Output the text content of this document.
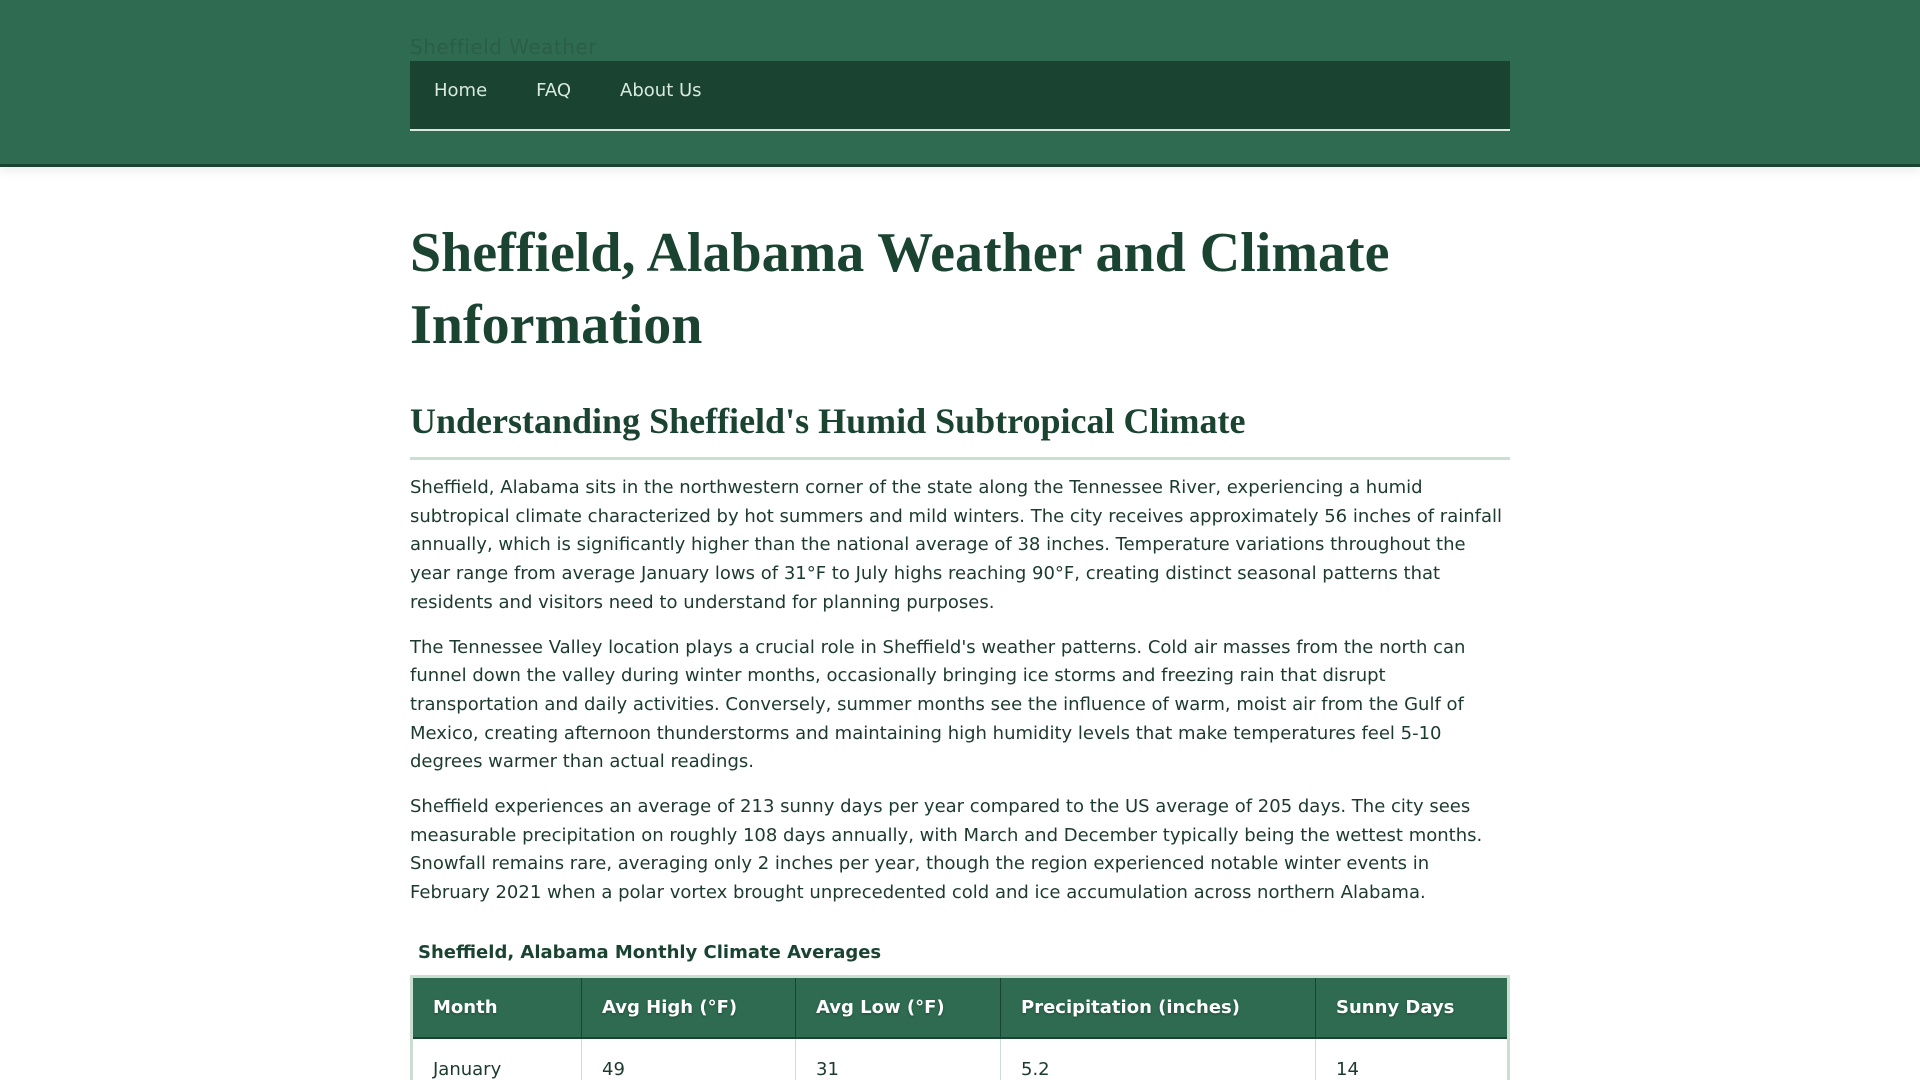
Sheffield Weather
Home	FAQ	About Us
Sheffield, Alabama Weather and Climate Information
Understanding Sheffield's Humid Subtropical Climate

Sheffield, Alabama sits in the northwestern corner of the state along the Tennessee River, experiencing a humid subtropical climate characterized by hot summers and mild winters. The city receives approximately 56 inches of rainfall annually, which is significantly higher than the national average of 38 inches. Temperature variations throughout the year range from average January lows of 31°F to July highs reaching 90°F, creating distinct seasonal patterns that residents and visitors need to understand for planning purposes.

The Tennessee Valley location plays a crucial role in Sheffield's weather patterns. Cold air masses from the north can funnel down the valley during winter months, occasionally bringing ice storms and freezing rain that disrupt transportation and daily activities. Conversely, summer months see the influence of warm, moist air from the Gulf of Mexico, creating afternoon thunderstorms and maintaining high humidity levels that make temperatures feel 5-10 degrees warmer than actual readings.

Sheffield experiences an average of 213 sunny days per year compared to the US average of 205 days. The city sees measurable precipitation on roughly 108 days annually, with March and December typically being the wettest months. Snowfall remains rare, averaging only 2 inches per year, though the region experienced notable winter events in February 2021 when a polar vortex brought unprecedented cold and ice accumulation across northern Alabama.

Sheffield, Alabama Monthly Climate Averages
Month	Avg High (°F)	Avg Low (°F)	Precipitation (inches)	Sunny Days
January	49	31	5.2	14
